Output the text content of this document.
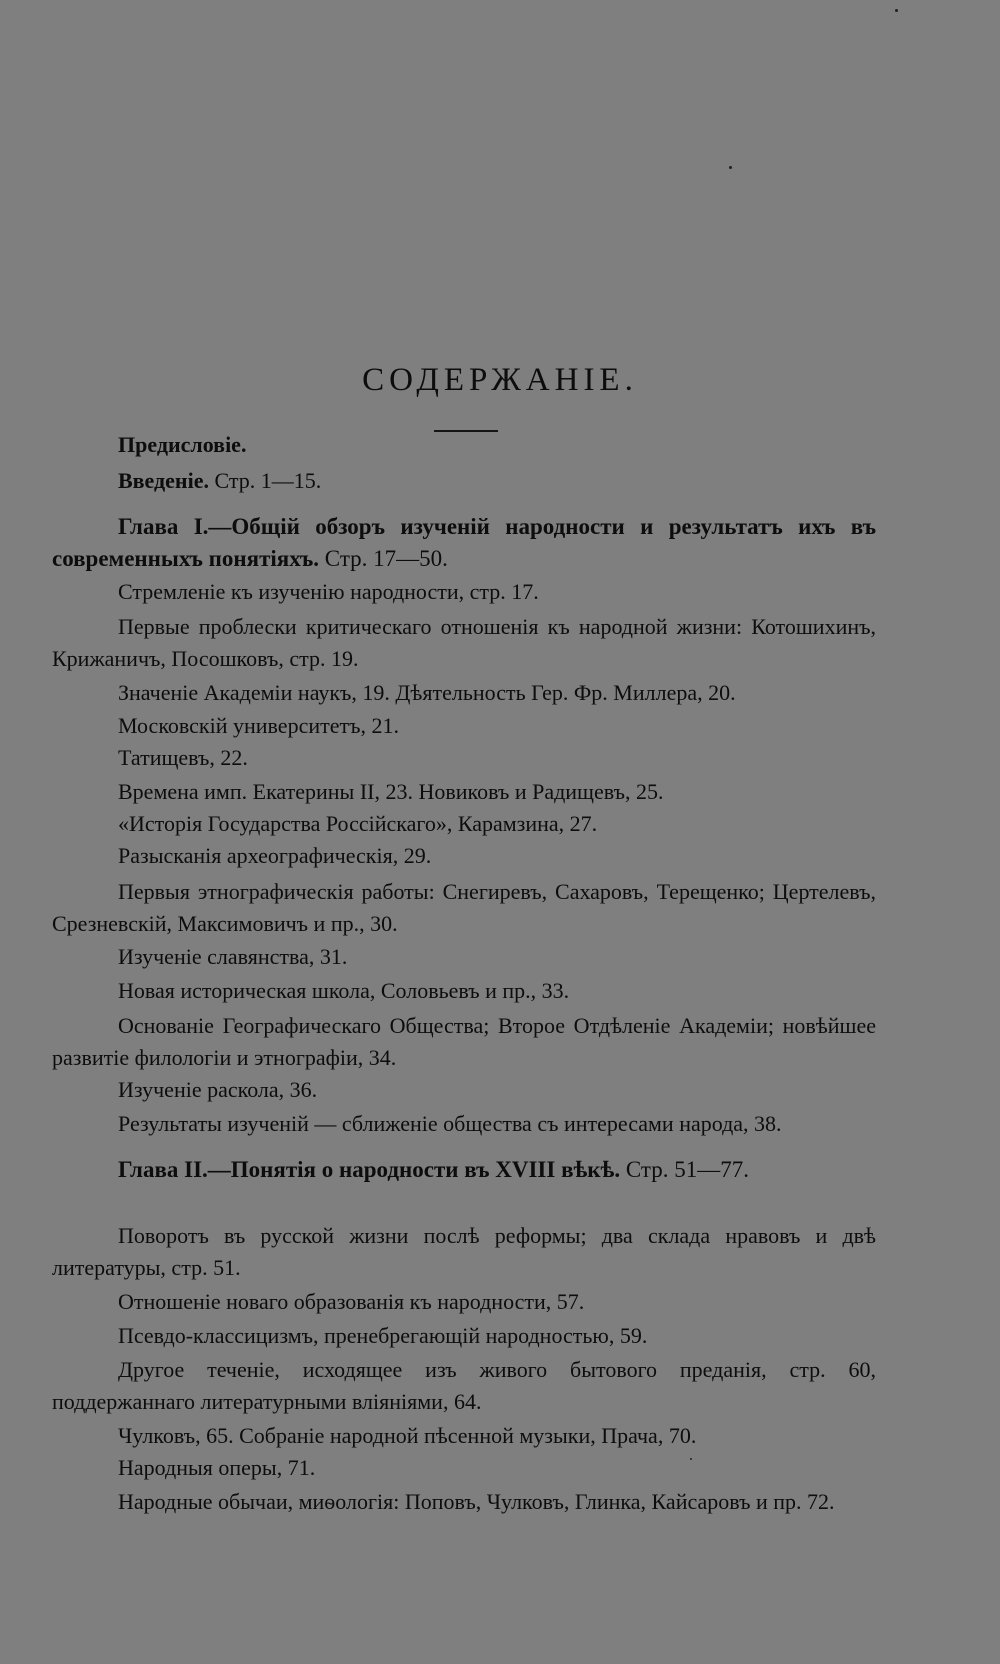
СОДЕРЖАНІЕ.

Предисловіе.

Введеніе. Стр. 1—15.

Глава I.—Общій обзоръ изученій народности и результатъ ихъ въ современныхъ понятіяхъ. Стр. 17—50.

Стремленіе къ изученію народности, стр. 17.

Первые проблески критическаго отношенія къ народной жизни: Котошихинъ, Крижаничъ, Посошковъ, стр. 19.

Значеніе Академіи наукъ, 19. Дѣятельность Гер. Фр. Миллера, 20.

Московскій университетъ, 21.

Татищевъ, 22.

Времена имп. Екатерины II, 23. Новиковъ и Радищевъ, 25.

«Исторія Государства Россійскаго», Карамзина, 27.

Разысканія археографическія, 29.

Первыя этнографическія работы: Снегиревъ, Сахаровъ, Терещенко; Цертелевъ, Срезневскій, Максимовичъ и пр., 30.

Изученіе славянства, 31.

Новая историческая школа, Соловьевъ и пр., 33.

Основаніе Географическаго Общества; Второе Отдѣленіе Академіи; новѣйшее развитіе филологіи и этнографіи, 34.

Изученіе раскола, 36.

Результаты изученій — сближеніе общества съ интересами народа, 38.

Глава II.—Понятія о народности въ XVIII вѣкѣ. Стр. 51—77.

Поворотъ въ русской жизни послѣ реформы; два склада нравовъ и двѣ литературы, стр. 51.

Отношеніе новаго образованія къ народности, 57.

Псевдо-классицизмъ, пренебрегающій народностью, 59.

Другое теченіе, исходящее изъ живого бытового преданія, стр. 60, поддержаннаго литературными вліяніями, 64.

Чулковъ, 65. Собраніе народной пѣсенной музыки, Прача, 70.

Народныя оперы, 71.

Народные обычаи, миѳологія: Поповъ, Чулковъ, Глинка, Кайсаровъ и пр. 72.
